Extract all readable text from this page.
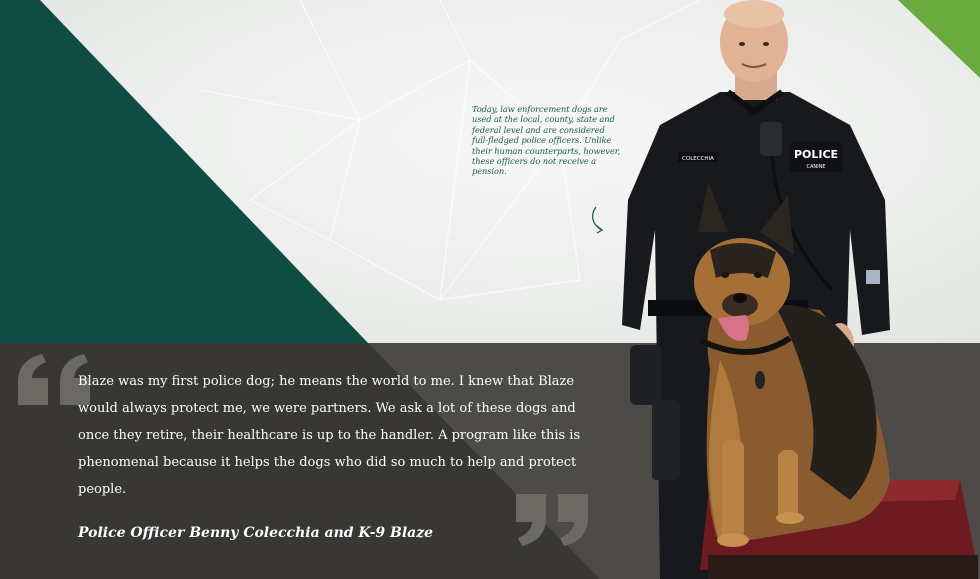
Today, law enforcement dogs are used at the local, county, state and federal level and are considered full-fledged police officers. Unlike their human counterparts, however, these officers do not receive a pension.
POLICE
CANINE
COLECCHIA
Blaze was my first police dog; he means the world to me. I knew that Blaze would always protect me, we were partners. We ask a lot of these dogs and once they retire, their healthcare is up to the handler. A program like this is phenomenal because it helps the dogs who did so much to help and protect people.
Police Officer Benny Colecchia and K-9 Blaze
